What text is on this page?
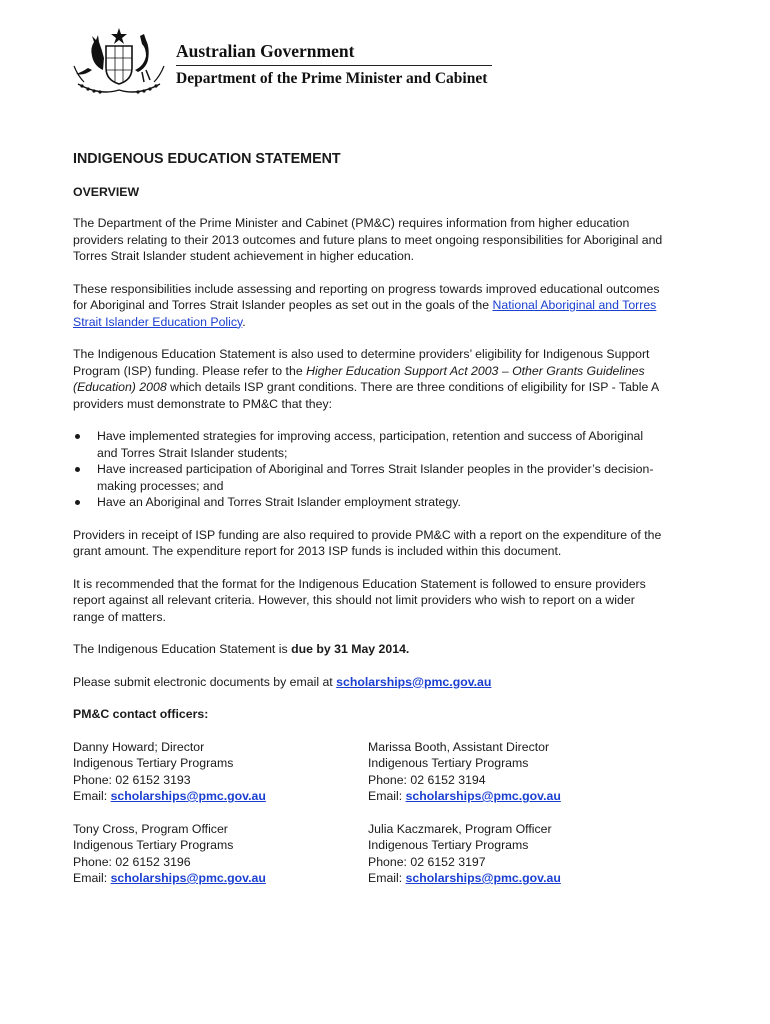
Australian Government
Department of the Prime Minister and Cabinet
INDIGENOUS EDUCATION STATEMENT
OVERVIEW

The Department of the Prime Minister and Cabinet (PM&C) requires information from higher education providers relating to their 2013 outcomes and future plans to meet ongoing responsibilities for Aboriginal and Torres Strait Islander student achievement in higher education.

These responsibilities include assessing and reporting on progress towards improved educational outcomes for Aboriginal and Torres Strait Islander peoples as set out in the goals of the National Aboriginal and Torres Strait Islander Education Policy.

The Indigenous Education Statement is also used to determine providers’ eligibility for Indigenous Support Program (ISP) funding. Please refer to the Higher Education Support Act 2003 – Other Grants Guidelines (Education) 2008 which details ISP grant conditions. There are three conditions of eligibility for ISP - Table A providers must demonstrate to PM&C that they:

Have implemented strategies for improving access, participation, retention and success of Aboriginal and Torres Strait Islander students;
Have increased participation of Aboriginal and Torres Strait Islander peoples in the provider’s decision-making processes; and
Have an Aboriginal and Torres Strait Islander employment strategy.

Providers in receipt of ISP funding are also required to provide PM&C with a report on the expenditure of the grant amount. The expenditure report for 2013 ISP funds is included within this document.

It is recommended that the format for the Indigenous Education Statement is followed to ensure providers report against all relevant criteria. However, this should not limit providers who wish to report on a wider range of matters.

The Indigenous Education Statement is due by 31 May 2014.

Please submit electronic documents by email at scholarships@pmc.gov.au

PM&C contact officers:

Danny Howard; Director

Indigenous Tertiary Programs

Phone: 02 6152 3193

Email: scholarships@pmc.gov.au

Tony Cross, Program Officer

Indigenous Tertiary Programs

Phone: 02 6152 3196

Email: scholarships@pmc.gov.au

Marissa Booth, Assistant Director

Indigenous Tertiary Programs

Phone: 02 6152 3194

Email: scholarships@pmc.gov.au

Julia Kaczmarek, Program Officer

Indigenous Tertiary Programs

Phone: 02 6152 3197

Email: scholarships@pmc.gov.au
